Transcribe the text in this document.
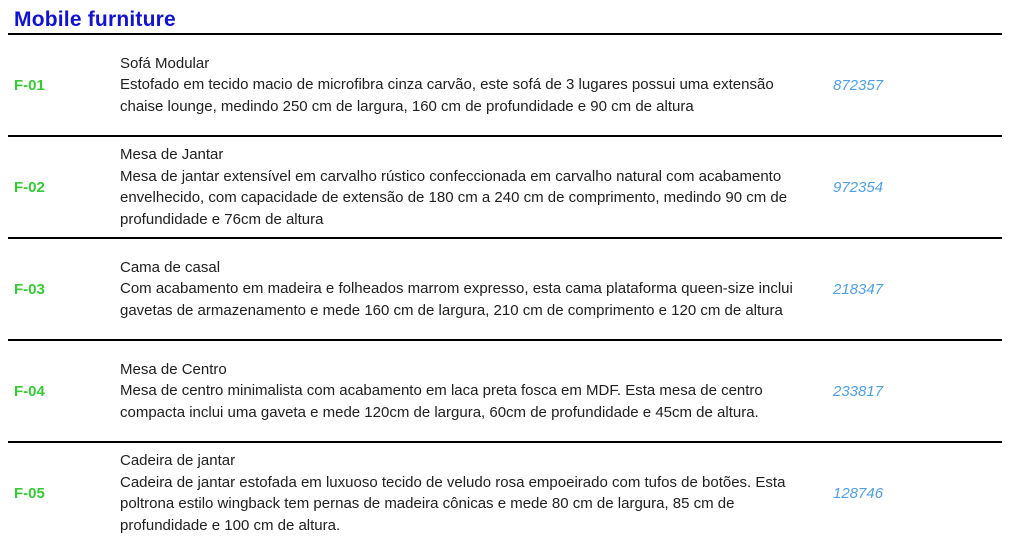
Mobile furniture
F-01
Sofá Modular
Estofado em tecido macio de microfibra cinza carvão, este sofá de 3 lugares possui uma extensão chaise lounge, medindo 250 cm de largura, 160 cm de profundidade e 90 cm de altura
872357
F-02
Mesa de Jantar
Mesa de jantar extensível em carvalho rústico confeccionada em carvalho natural com acabamento envelhecido, com capacidade de extensão de 180 cm a 240 cm de comprimento, medindo 90 cm de profundidade e 76cm de altura
972354
F-03
Cama de casal
Com acabamento em madeira e folheados marrom expresso, esta cama plataforma queen-size inclui gavetas de armazenamento e mede 160 cm de largura, 210 cm de comprimento e 120 cm de altura
218347
F-04
Mesa de Centro
Mesa de centro minimalista com acabamento em laca preta fosca em MDF. Esta mesa de centro compacta inclui uma gaveta e mede 120cm de largura, 60cm de profundidade e 45cm de altura.
233817
F-05
Cadeira de jantar
Cadeira de jantar estofada em luxuoso tecido de veludo rosa empoeirado com tufos de botões. Esta poltrona estilo wingback tem pernas de madeira cônicas e mede 80 cm de largura, 85 cm de profundidade e 100 cm de altura.
128746
